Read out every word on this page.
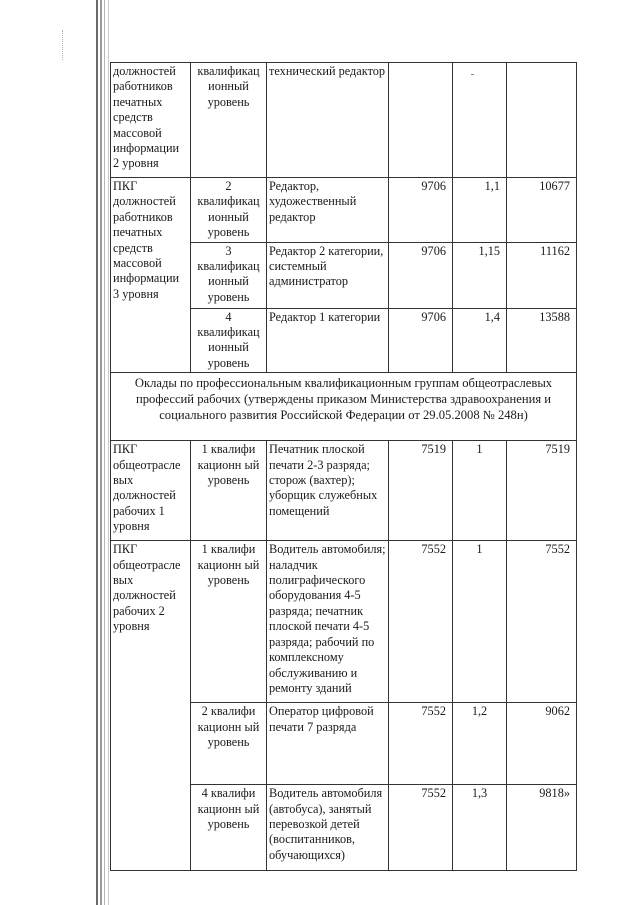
должностей работников печатных средств массовой информации 2 уровня	квалификац ионный уровень	технический редактор			
ПКГ должностей работников печатных средств массовой информации 3 уровня	2 квалификац ионный уровень	Редактор, художественный редактор	9706	1,1	10677
	3 квалификац ионный уровень	Редактор 2 категории, системный администратор	9706	1,15	11162
	4 квалификац ионный уровень	Редактор 1 категории	9706	1,4	13588
Оклады по профессиональным квалификационным группам общеотраслевых профессий рабочих (утверждены приказом Министерства здравоохранения и социального развития Российской Федерации от 29.05.2008 № 248н)					
ПКГ общеотрасле вых должностей рабочих 1 уровня	1 квалифи кационн ый уровень	Печатник плоской печати 2-3 разряда; сторож (вахтер); уборщик служебных помещений	7519	1	7519
ПКГ общеотрасле вых должностей рабочих 2 уровня	1 квалифи кационн ый уровень	Водитель автомобиля; наладчик полиграфического оборудования 4-5 разряда; печатник плоской печати 4-5 разряда; рабочий по комплексному обслуживанию и ремонту зданий	7552	1	7552
	2 квалифи кационн ый уровень	Оператор цифровой печати 7 разряда	7552	1,2	9062
	4 квалифи кационн ый уровень	Водитель автомобиля (автобуса), занятый перевозкой детей (воспитанников, обучающихся)	7552	1,3	9818»
